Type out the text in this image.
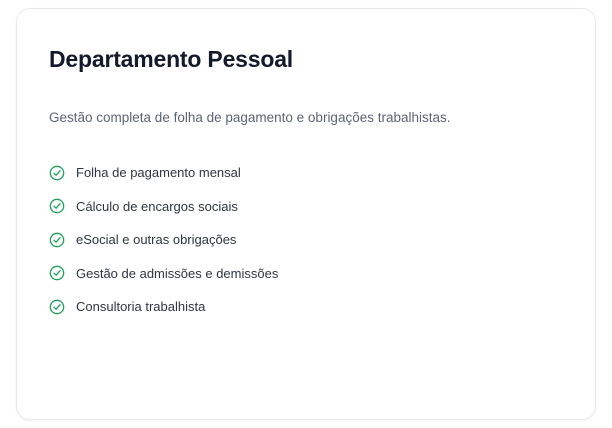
Departamento Pessoal

Gestão completa de folha de pagamento e obrigações trabalhistas.

Folha de pagamento mensal
Cálculo de encargos sociais
eSocial e outras obrigações
Gestão de admissões e demissões
Consultoria trabalhista
